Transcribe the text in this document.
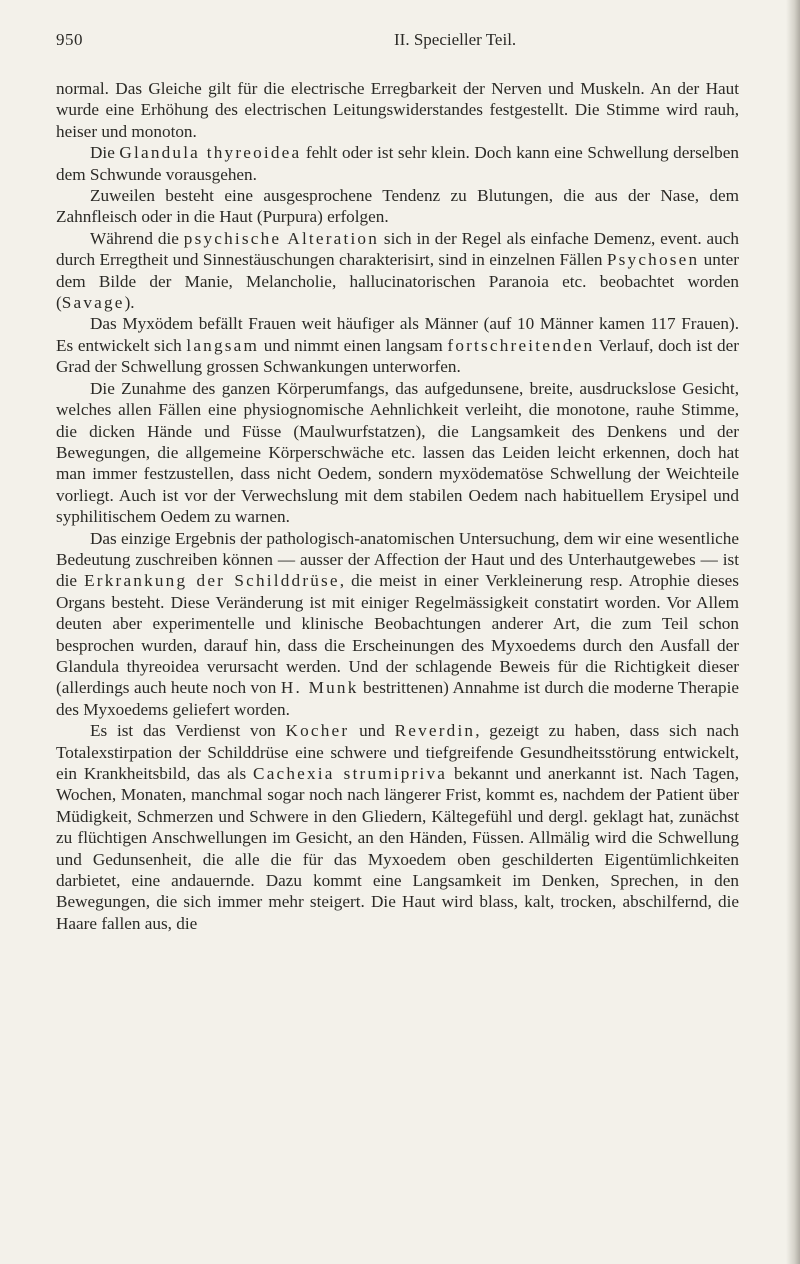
950	II. Specieller Teil.

normal. Das Gleiche gilt für die electrische Erregbarkeit der Nerven und Muskeln. An der Haut wurde eine Erhöhung des electrischen Leitungswiderstandes festgestellt. Die Stimme wird rauh, heiser und monoton.

Die Glandula thyreoidea fehlt oder ist sehr klein. Doch kann eine Schwellung derselben dem Schwunde vorausgehen.

Zuweilen besteht eine ausgesprochene Tendenz zu Blutungen, die aus der Nase, dem Zahnfleisch oder in die Haut (Purpura) erfolgen.

Während die psychische Alteration sich in der Regel als einfache Demenz, event. auch durch Erregtheit und Sinnestäuschungen charakterisirt, sind in einzelnen Fällen Psychosen unter dem Bilde der Manie, Melancholie, hallucinatorischen Paranoia etc. beobachtet worden (Savage).

Das Myxödem befällt Frauen weit häufiger als Männer (auf 10 Männer kamen 117 Frauen). Es entwickelt sich langsam und nimmt einen langsam fortschreitenden Verlauf, doch ist der Grad der Schwellung grossen Schwankungen unterworfen.

Die Zunahme des ganzen Körperumfangs, das aufgedunsene, breite, ausdruckslose Gesicht, welches allen Fällen eine physiognomische Aehnlichkeit verleiht, die monotone, rauhe Stimme, die dicken Hände und Füsse (Maulwurfstatzen), die Langsamkeit des Denkens und der Bewegungen, die allgemeine Körperschwäche etc. lassen das Leiden leicht erkennen, doch hat man immer festzustellen, dass nicht Oedem, sondern myxödematöse Schwellung der Weichteile vorliegt. Auch ist vor der Verwechslung mit dem stabilen Oedem nach habituellem Erysipel und syphilitischem Oedem zu warnen.

Das einzige Ergebnis der pathologisch-anatomischen Untersuchung, dem wir eine wesentliche Bedeutung zuschreiben können — ausser der Affection der Haut und des Unterhautgewebes — ist die Erkrankung der Schilddrüse, die meist in einer Verkleinerung resp. Atrophie dieses Organs besteht. Diese Veränderung ist mit einiger Regelmässigkeit constatirt worden. Vor Allem deuten aber experimentelle und klinische Beobachtungen anderer Art, die zum Teil schon besprochen wurden, darauf hin, dass die Erscheinungen des Myxoedems durch den Ausfall der Glandula thyreoidea verursacht werden. Und der schlagende Beweis für die Richtigkeit dieser (allerdings auch heute noch von H. Munk bestrittenen) Annahme ist durch die moderne Therapie des Myxoedems geliefert worden.

Es ist das Verdienst von Kocher und Reverdin, gezeigt zu haben, dass sich nach Totalexstirpation der Schilddrüse eine schwere und tiefgreifende Gesundheitsstörung entwickelt, ein Krankheitsbild, das als Cachexia strumipriva bekannt und anerkannt ist. Nach Tagen, Wochen, Monaten, manchmal sogar noch nach längerer Frist, kommt es, nachdem der Patient über Müdigkeit, Schmerzen und Schwere in den Gliedern, Kältegefühl und dergl. geklagt hat, zunächst zu flüchtigen Anschwellungen im Gesicht, an den Händen, Füssen. Allmälig wird die Schwellung und Gedunsenheit, die alle die für das Myxoedem oben geschilderten Eigentümlichkeiten darbietet, eine andauernde. Dazu kommt eine Langsamkeit im Denken, Sprechen, in den Bewegungen, die sich immer mehr steigert. Die Haut wird blass, kalt, trocken, abschilfernd, die Haare fallen aus, die
